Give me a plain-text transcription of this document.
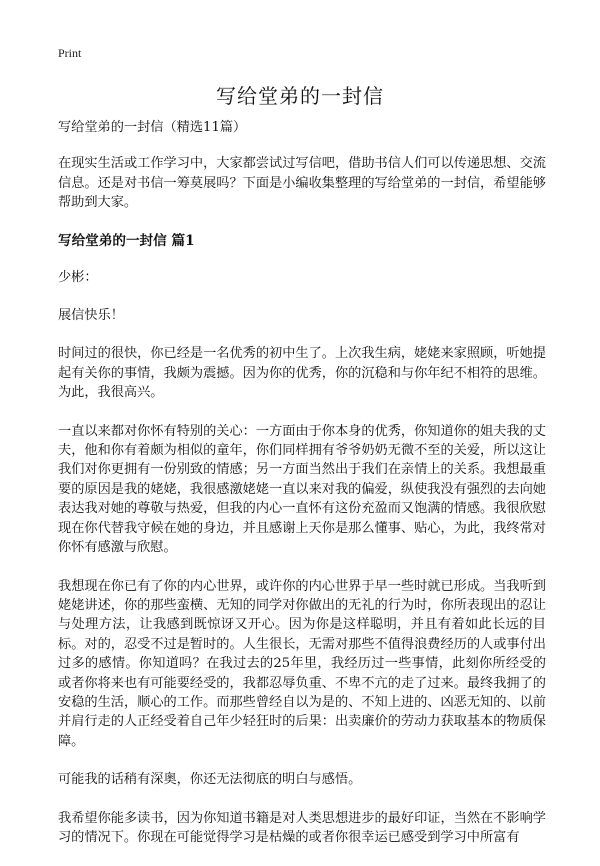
Print
写给堂弟的一封信

写给堂弟的一封信（精选11篇）

在现实生活或工作学习中，大家都尝试过写信吧，借助书信人们可以传递思想、交流信息。还是对书信一筹莫展吗？下面是小编收集整理的写给堂弟的一封信，希望能够帮助到大家。

写给堂弟的一封信 篇1

少彬：

展信快乐！

时间过的很快，你已经是一名优秀的初中生了。上次我生病，姥姥来家照顾，听她提起有关你的事情，我颇为震撼。因为你的优秀，你的沉稳和与你年纪不相符的思维。为此，我很高兴。

一直以来都对你怀有特别的关心：一方面由于你本身的优秀，你知道你的姐夫我的丈夫，他和你有着颇为相似的童年，你们同样拥有爷爷奶奶无微不至的关爱，所以这让我们对你更拥有一份别致的情感；另一方面当然出于我们在亲情上的关系。我想最重要的原因是我的姥姥，我很感激姥姥一直以来对我的偏爱，纵使我没有强烈的去向她表达我对她的尊敬与热爱，但我的内心一直怀有这份充盈而又饱满的情感。我很欣慰现在你代替我守候在她的身边，并且感谢上天你是那么懂事、贴心，为此，我终常对你怀有感激与欣慰。

我想现在你已有了你的内心世界，或许你的内心世界于早一些时就已形成。当我听到姥姥讲述，你的那些蛮横、无知的同学对你做出的无礼的行为时，你所表现出的忍让与处理方法，让我感到既惊讶又开心。因为你是这样聪明，并且有着如此长远的目标。对的，忍受不过是暂时的。人生很长，无需对那些不值得浪费经历的人或事付出过多的感情。你知道吗？在我过去的25年里，我经历过一些事情，此刻你所经受的或者你将来也有可能要经受的，我都忍辱负重、不卑不亢的走了过来。最终我拥了的安稳的生活，顺心的工作。而那些曾经自以为是的、不知上进的、凶恶无知的、以前并肩行走的人正经受着自己年少轻狂时的后果：出卖廉价的劳动力获取基本的物质保障。

可能我的话稍有深奥，你还无法彻底的明白与感悟。

我希望你能多读书，因为你知道书籍是对人类思想进步的最好印证，当然在不影响学习的情况下。你现在可能觉得学习是枯燥的或者你很幸运已感受到学习中所富有
